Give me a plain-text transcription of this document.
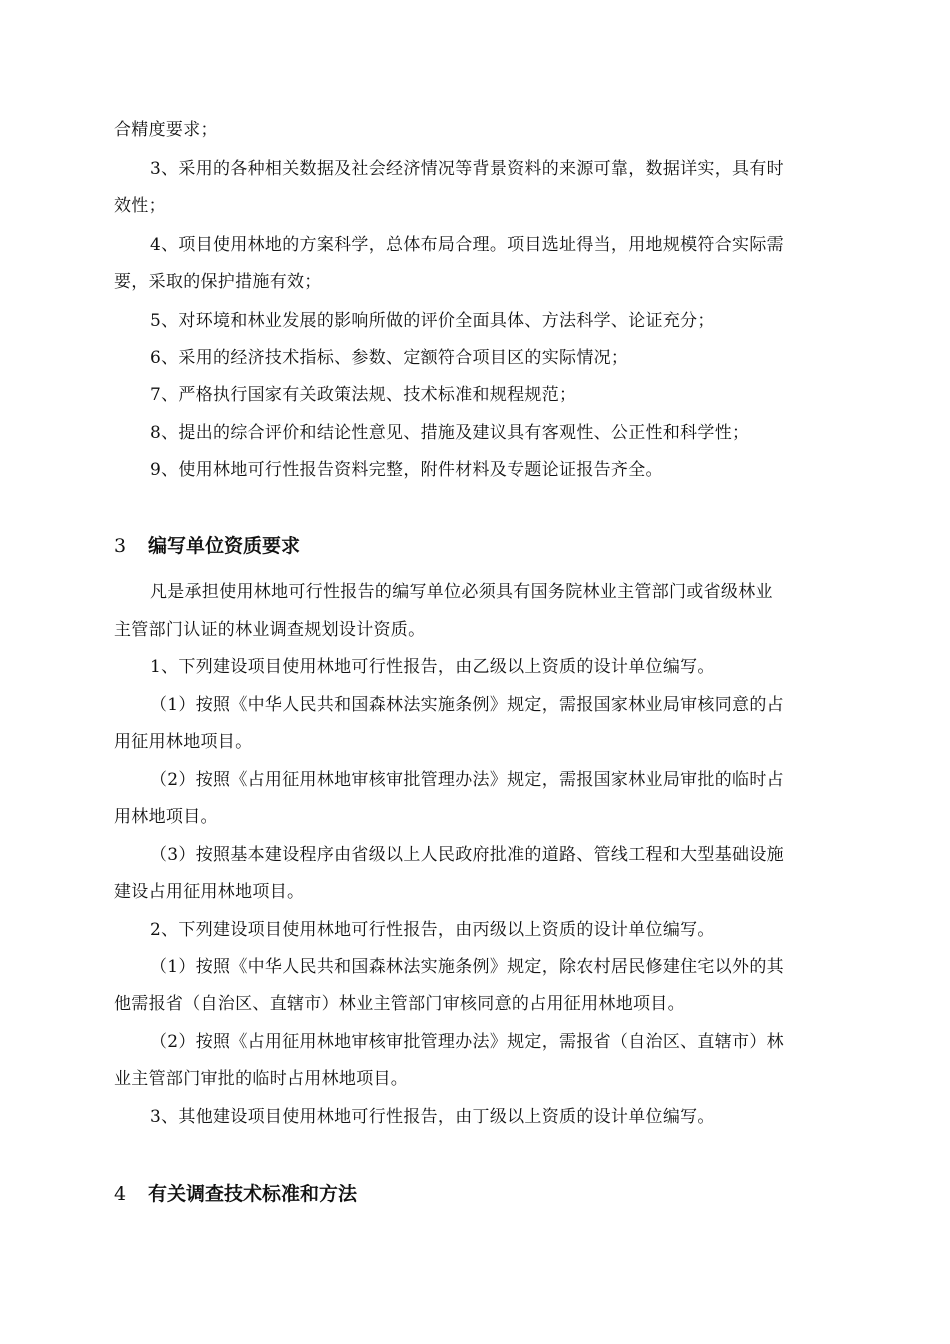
合精度要求；
3、采用的各种相关数据及社会经济情况等背景资料的来源可靠，数据详实，具有时
效性；
4、项目使用林地的方案科学，总体布局合理。项目选址得当，用地规模符合实际需
要，采取的保护措施有效；
5、对环境和林业发展的影响所做的评价全面具体、方法科学、论证充分；
6、采用的经济技术指标、参数、定额符合项目区的实际情况；
7、严格执行国家有关政策法规、技术标准和规程规范；
8、提出的综合评价和结论性意见、措施及建议具有客观性、公正性和科学性；
9、使用林地可行性报告资料完整，附件材料及专题论证报告齐全。
3 编写单位资质要求
凡是承担使用林地可行性报告的编写单位必须具有国务院林业主管部门或省级林业
主管部门认证的林业调查规划设计资质。
1、下列建设项目使用林地可行性报告，由乙级以上资质的设计单位编写。
（1）按照《中华人民共和国森林法实施条例》规定，需报国家林业局审核同意的占
用征用林地项目。
（2）按照《占用征用林地审核审批管理办法》规定，需报国家林业局审批的临时占
用林地项目。
（3）按照基本建设程序由省级以上人民政府批准的道路、管线工程和大型基础设施
建设占用征用林地项目。
2、下列建设项目使用林地可行性报告，由丙级以上资质的设计单位编写。
（1）按照《中华人民共和国森林法实施条例》规定，除农村居民修建住宅以外的其
他需报省（自治区、直辖市）林业主管部门审核同意的占用征用林地项目。
（2）按照《占用征用林地审核审批管理办法》规定，需报省（自治区、直辖市）林
业主管部门审批的临时占用林地项目。
3、其他建设项目使用林地可行性报告，由丁级以上资质的设计单位编写。
4 有关调查技术标准和方法
